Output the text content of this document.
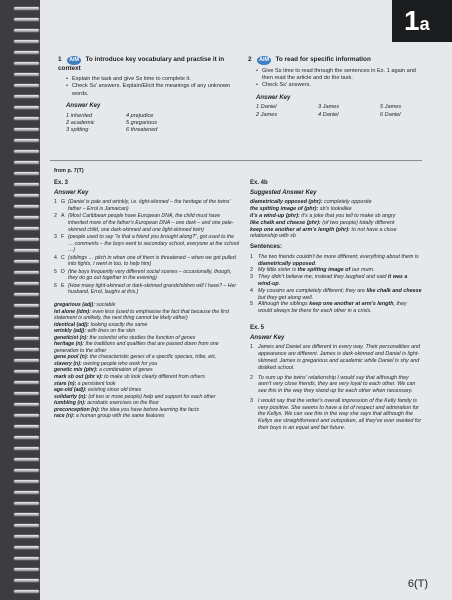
1a
1 AIM To introduce key vocabulary and practise it in context
• Explain the task and give Ss time to complete it.
• Check Ss' answers. Explain/Elicit the meanings of any unknown words.
Answer Key
1 inherited	4 prejudice
2 academic	5 gregarious
3 spitting	6 threatened
2 AIM To read for specific information
• Give Ss time to read through the sentences in Ex. 1 again and then read the article and do the task.
• Check Ss' answers.
Answer Key
1 Daniel	3 James	5 James
2 James	4 Daniel	6 Daniel
from p. 7(T)
Ex. 3
Answer Key
1 G (Daniel is pale and wrinkly, i.e. tight-skinned – the heritage of the twins' father – Errol is Jamaican)
2 A (Most Caribbean people have European DNA, the child must have inherited more of the father's European DNA – one dark – and one pale-skinned child, one dark-skinned and one light-skinned twin)
3 F (people used to say "is that a friend you brought along?", got used to the … comments – the boys went to secondary school, everyone at the school …)
4 C (siblings … pitch in when one of them is threatened – when we got pulled into fights, I went in too, to help him)
5 D (the boys frequently very different social scenes – occasionally, though, they do go out together in the evening)
6 E (How many light-skinned or dark-skinned grandchildren will I have? – Her husband, Errol, laughs at this.)

gregarious (adj): sociable

let alone (idm): even less (used to emphasise the fact that because the first statement is unlikely, the next thing cannot be likely either)

identical (adj): looking exactly the same

wrinkly (adj): with lines on the skin

geneticist (n): the scientist who studies the function of genes

heritage (n): the traditions and qualities that are passed down from one generation to the other

gene pool (n): the characteristic genes of a specific species, tribe, etc.

slavery (n): owning people who work for you

genetic mix (phr): a combination of genes

mark sb out (phr v): to make sb look clearly different from others

stare (n): a persistent look

age-old (adj): existing since old times

solidarity (n): (of two or more people) help and support for each other

tumbling (n): acrobatic exercises on the floor

preconception (n): the idea you have before learning the facts

race (n): a human group with the same features

Ex. 4b
Suggested Answer Key

diametrically opposed (phr): completely opposite

the spitting image of (phr): sb's lookalike

it's a wind-up (phr): it's a joke that you tell to make sb angry

like chalk and cheese (phr): (of two people) totally different

keep one another at arm's length (phr): to not have a close relationship with sb

Sentences:
1 The two friends couldn't be more different; everything about them is diametrically opposed.
2 My little sister is the spitting image of our mum.
3 They didn't believe me; instead they laughed and said it was a wind-up.
4 My cousins are completely different; they are like chalk and cheese but they get along well.
5 Although the siblings keep one another at arm's length, they would always be there for each other in a crisis.
Ex. 5
Answer Key
1 James and Daniel are different in every way. Their personalities and appearance are different. James is dark-skinned and Daniel is light-skinned. James is gregarious and academic while Daniel is shy and disliked school.
2 To sum up the twins' relationship I would say that although they aren't very close friends, they are very loyal to each other. We can see this in the way they stand up for each other when necessary.
3 I would say that the writer's overall impression of the Kelly family is very positive. She seems to have a lot of respect and admiration for the Kellys. We can see this in the way she says that although the Kellys are straightforward and outspoken, all they've ever wanted for their boys is an equal and fair future.
6(T)
